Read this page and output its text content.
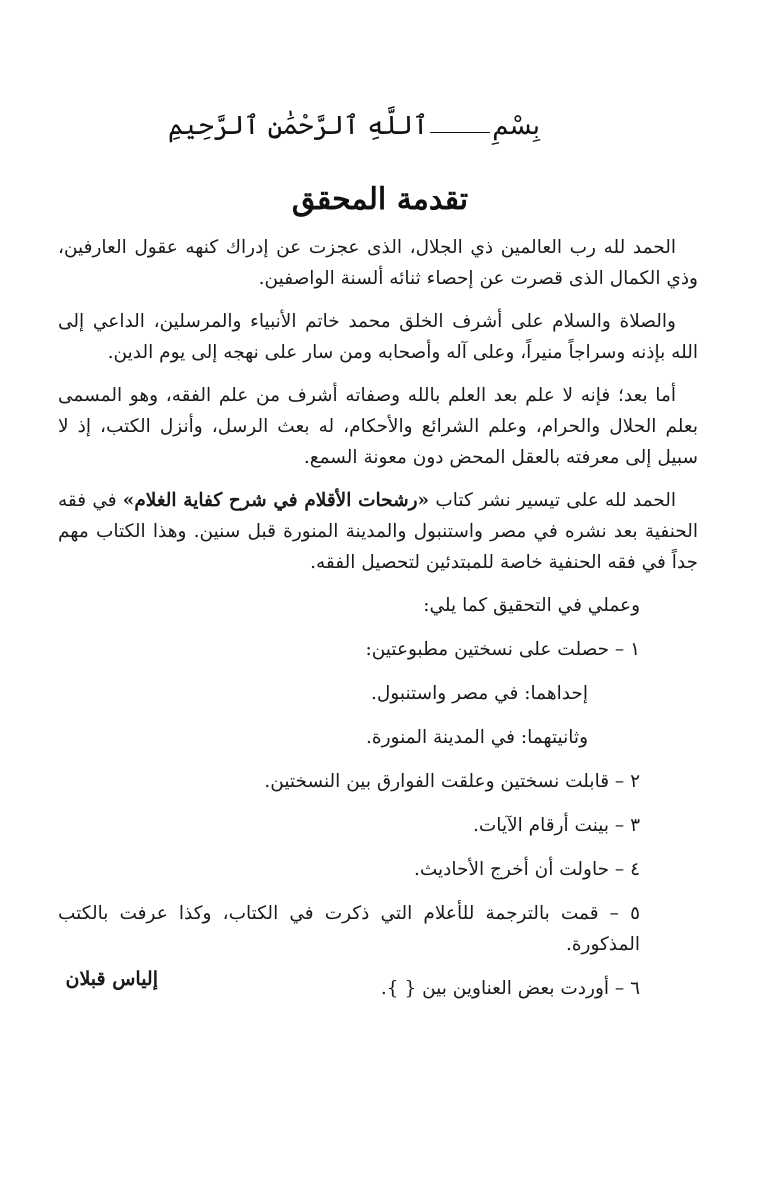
بِسْمِٱللَّهِ ٱلرَّحْمَٰنِ ٱلرَّحِيمِ
تقدمة المحقق

الحمد لله رب العالمين ذي الجلال، الذى عجزت عن إدراك كنهه عقول العارفين، وذي الكمال الذى قصرت عن إحصاء ثنائه ألسنة الواصفين.

والصلاة والسلام على أشرف الخلق محمد خاتم الأنبياء والمرسلين، الداعي إلى الله بإذنه وسراجاً منيراً، وعلى آله وأصحابه ومن سار على نهجه إلى يوم الدين.

أما بعد؛ فإنه لا علم بعد العلم بالله وصفاته أشرف من علم الفقه، وهو المسمى بعلم الحلال والحرام، وعلم الشرائع والأحكام، له بعث الرسل، وأنزل الكتب، إذ لا سبيل إلى معرفته بالعقل المحض دون معونة السمع.

الحمد لله على تيسير نشر كتاب «رشحات الأقلام في شرح كفاية الغلام» في فقه الحنفية بعد نشره في مصر واستنبول والمدينة المنورة قبل سنين. وهذا الكتاب مهم جداً في فقه الحنفية خاصة للمبتدئين لتحصيل الفقه.

وعملي في التحقيق كما يلي:
١ – حصلت على نسختين مطبوعتين:
إحداهما: في مصر واستنبول.
وثانيتهما: في المدينة المنورة.
٢ – قابلت نسختين وعلقت الفوارق بين النسختين.
٣ – بينت أرقام الآيات.
٤ – حاولت أن أخرج الأحاديث.
٥ – قمت بالترجمة للأعلام التي ذكرت في الكتاب، وكذا عرفت بالكتب المذكورة.
٦ – أوردت بعض العناوين بين { }.
إلياس قبلان
